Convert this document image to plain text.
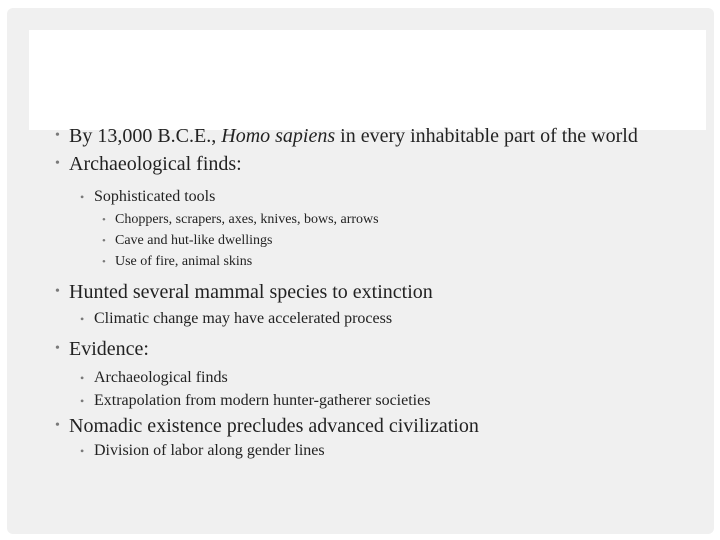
• By 13,000 B.C.E., Homo sapiens in every inhabitable part of the world
• Archaeological finds:
• Sophisticated tools
• Choppers, scrapers, axes, knives, bows, arrows
• Cave and hut-like dwellings
• Use of fire, animal skins
• Hunted several mammal species to extinction
• Climatic change may have accelerated process
• Evidence:
• Archaeological finds
• Extrapolation from modern hunter-gatherer societies
• Nomadic existence precludes advanced civilization
• Division of labor along gender lines
